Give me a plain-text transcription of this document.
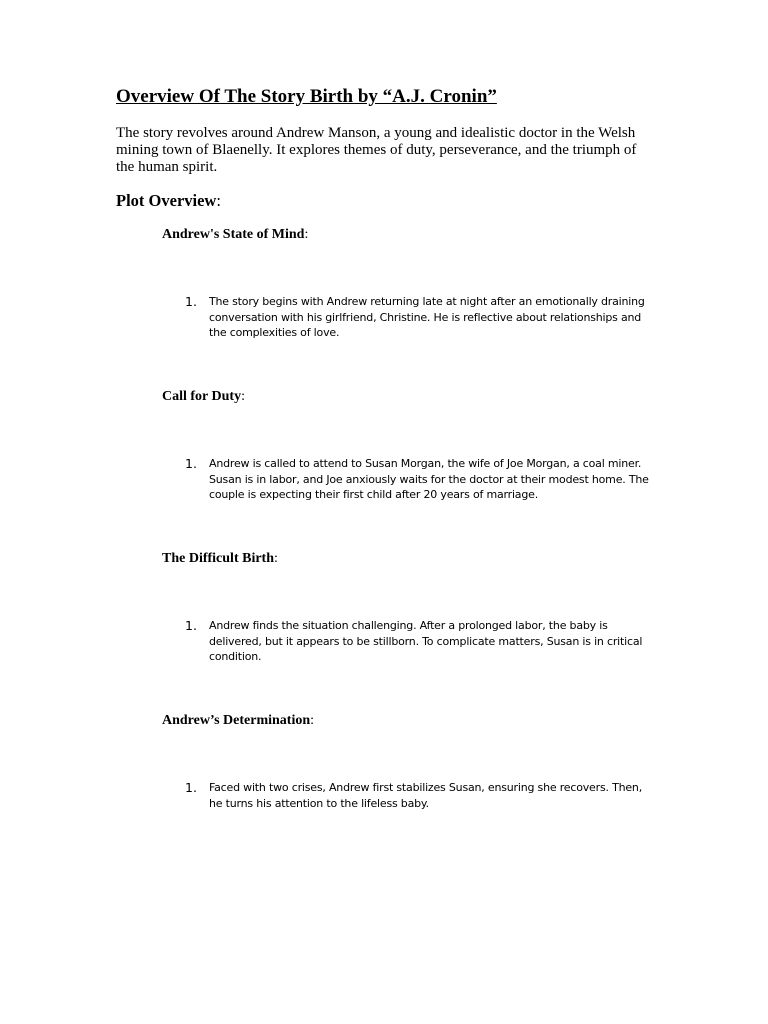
Overview Of The Story Birth by “A.J. Cronin”

The story revolves around Andrew Manson, a young and idealistic doctor in the Welsh mining town of Blaenelly. It explores themes of duty, perseverance, and the triumph of the human spirit.

Plot Overview:
Andrew's State of Mind:
1. The story begins with Andrew returning late at night after an emotionally draining conversation with his girlfriend, Christine. He is reflective about relationships and the complexities of love.
Call for Duty:
1. Andrew is called to attend to Susan Morgan, the wife of Joe Morgan, a coal miner. Susan is in labor, and Joe anxiously waits for the doctor at their modest home. The couple is expecting their first child after 20 years of marriage.
The Difficult Birth:
1. Andrew finds the situation challenging. After a prolonged labor, the baby is delivered, but it appears to be stillborn. To complicate matters, Susan is in critical condition.
Andrew’s Determination:
1. Faced with two crises, Andrew first stabilizes Susan, ensuring she recovers. Then, he turns his attention to the lifeless baby.
